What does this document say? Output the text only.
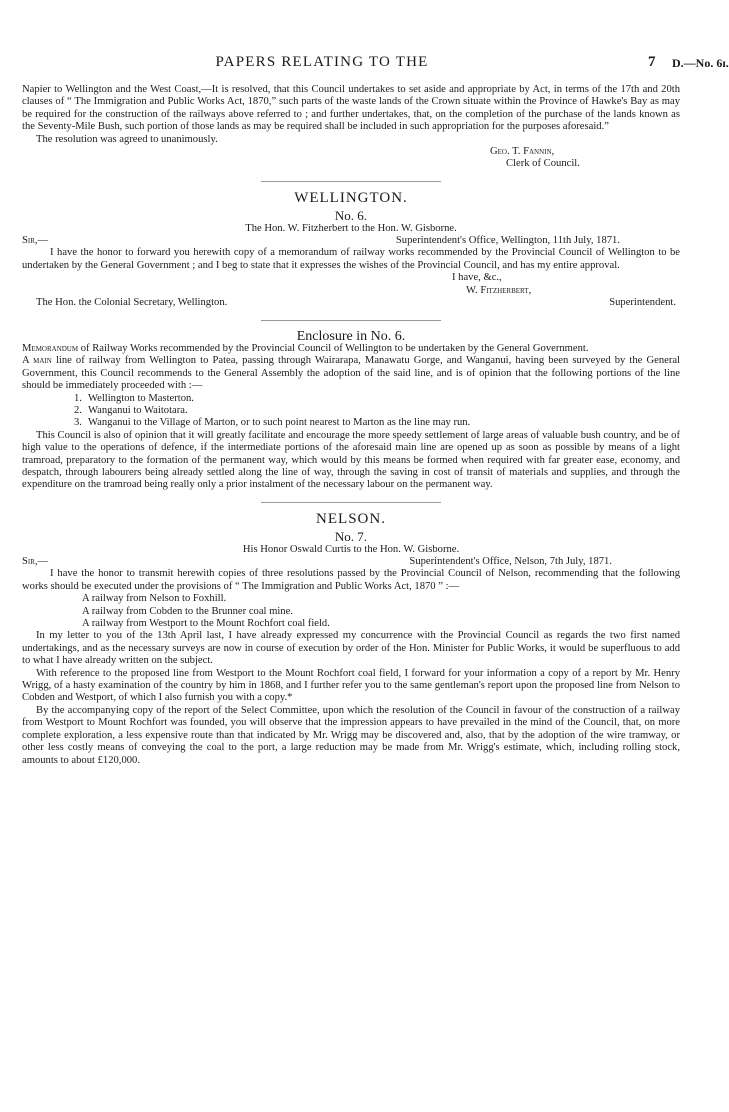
PAPERS RELATING TO THE	7 D.—No. 6ɪ.

Napier to Wellington and the West Coast,—It is resolved, that this Council undertakes to set aside and appropriate by Act, in terms of the 17th and 20th clauses of “ The Immigration and Public Works Act, 1870,” such parts of the waste lands of the Crown situate within the Province of Hawke's Bay as may be required for the construction of the railways above referred to ; and further undertakes, that, on the completion of the purchase of the lands known as the Seventy-Mile Bush, such portion of those lands as may be required shall be included in such appropriation for the purposes aforesaid.”

The resolution was agreed to unanimously.

Geo. T. Fannin,

Clerk of Council.

WELLINGTON.
No. 6.

The Hon. W. Fitzherbert to the Hon. W. Gisborne.

Sir,—	Superintendent's Office, Wellington, 11th July, 1871.

I have the honor to forward you herewith copy of a memorandum of railway works recommended by the Provincial Council of Wellington to be undertaken by the General Government ; and I beg to state that it expresses the wishes of the Provincial Council, and has my entire approval.

I have, &c.,

W. Fitzherbert,

The Hon. the Colonial Secretary, Wellington.	Superintendent.
Enclosure in No. 6.

Memorandum of Railway Works recommended by the Provincial Council of Wellington to be undertaken by the General Government.

A main line of railway from Wellington to Patea, passing through Wairarapa, Manawatu Gorge, and Wanganui, having been surveyed by the General Government, this Council recommends to the General Assembly the adoption of the said line, and is of opinion that the following portions of the line should be immediately proceeded with :—

1. Wellington to Masterton.
2. Wanganui to Waitotara.
3. Wanganui to the Village of Marton, or to such point nearest to Marton as the line may run.

This Council is also of opinion that it will greatly facilitate and encourage the more speedy settlement of large areas of valuable bush country, and be of high value to the operations of defence, if the intermediate portions of the aforesaid main line are opened up as soon as possible by means of a light tramroad, preparatory to the formation of the permanent way, which would by this means be formed when required with far greater ease, economy, and despatch, through labourers being already settled along the line of way, through the saving in cost of transit of materials and supplies, and through the expenditure on the tramroad being really only a prior instalment of the necessary labour on the permanent way.

NELSON.
No. 7.

His Honor Oswald Curtis to the Hon. W. Gisborne.

Sir,—	Superintendent's Office, Nelson, 7th July, 1871.

I have the honor to transmit herewith copies of three resolutions passed by the Provincial Council of Nelson, recommending that the following works should be executed under the provisions of “ The Immigration and Public Works Act, 1870 ” :—

A railway from Nelson to Foxhill.

A railway from Cobden to the Brunner coal mine.

A railway from Westport to the Mount Rochfort coal field.

In my letter to you of the 13th April last, I have already expressed my concurrence with the Provincial Council as regards the two first named undertakings, and as the necessary surveys are now in course of execution by order of the Hon. Minister for Public Works, it would be superfluous to add to what I have already written on the subject.

With reference to the proposed line from Westport to the Mount Rochfort coal field, I forward for your information a copy of a report by Mr. Henry Wrigg, of a hasty examination of the country by him in 1868, and I further refer you to the same gentleman's report upon the proposed line from Nelson to Cobden and Westport, of which I also furnish you with a copy.*

By the accompanying copy of the report of the Select Committee, upon which the resolution of the Council in favour of the construction of a railway from Westport to Mount Rochfort was founded, you will observe that the impression appears to have prevailed in the mind of the Council, that, on more complete exploration, a less expensive route than that indicated by Mr. Wrigg may be discovered and, also, that by the adoption of the wire tramway, or other less costly means of conveying the coal to the port, a large reduction may be made from Mr. Wrigg's estimate, which, including rolling stock, amounts to about £120,000.
